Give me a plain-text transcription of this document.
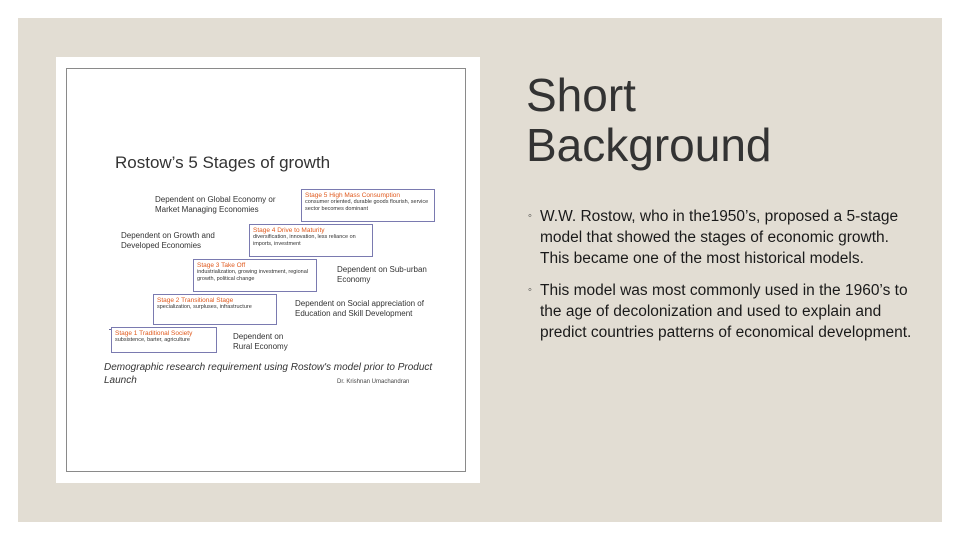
Rostow’s 5 Stages of growth
Stage 5 High Mass Consumption
consumer oriented, durable goods flourish, service sector becomes dominant
Stage 4 Drive to Maturity
diversification, innovation, less reliance on imports, investment
Stage 3 Take Off
industrialization, growing investment, regional growth, political change
Stage 2 Transitional Stage
specialization, surpluses, infrastructure
Stage 1 Traditional Society
subsistence, barter, agriculture

Dependent on Global Economy or Market Managing Economies

Dependent on Growth and Developed Economies

Dependent on Sub-urban Economy

Dependent on Social appreciation of Education and Skill Development

Dependent on Rural Economy

Demographic research requirement using Rostow's model prior to Product Launch	Dr. Krishnan Umachandran

Short
Background
◦ W.W. Rostow, who in the1950’s, proposed a 5-stage model that showed the stages of economic growth. This became one of the most historical models.
◦ This model was most commonly used in the 1960’s to the age of decolonization and used to explain and predict countries patterns of economical development.
